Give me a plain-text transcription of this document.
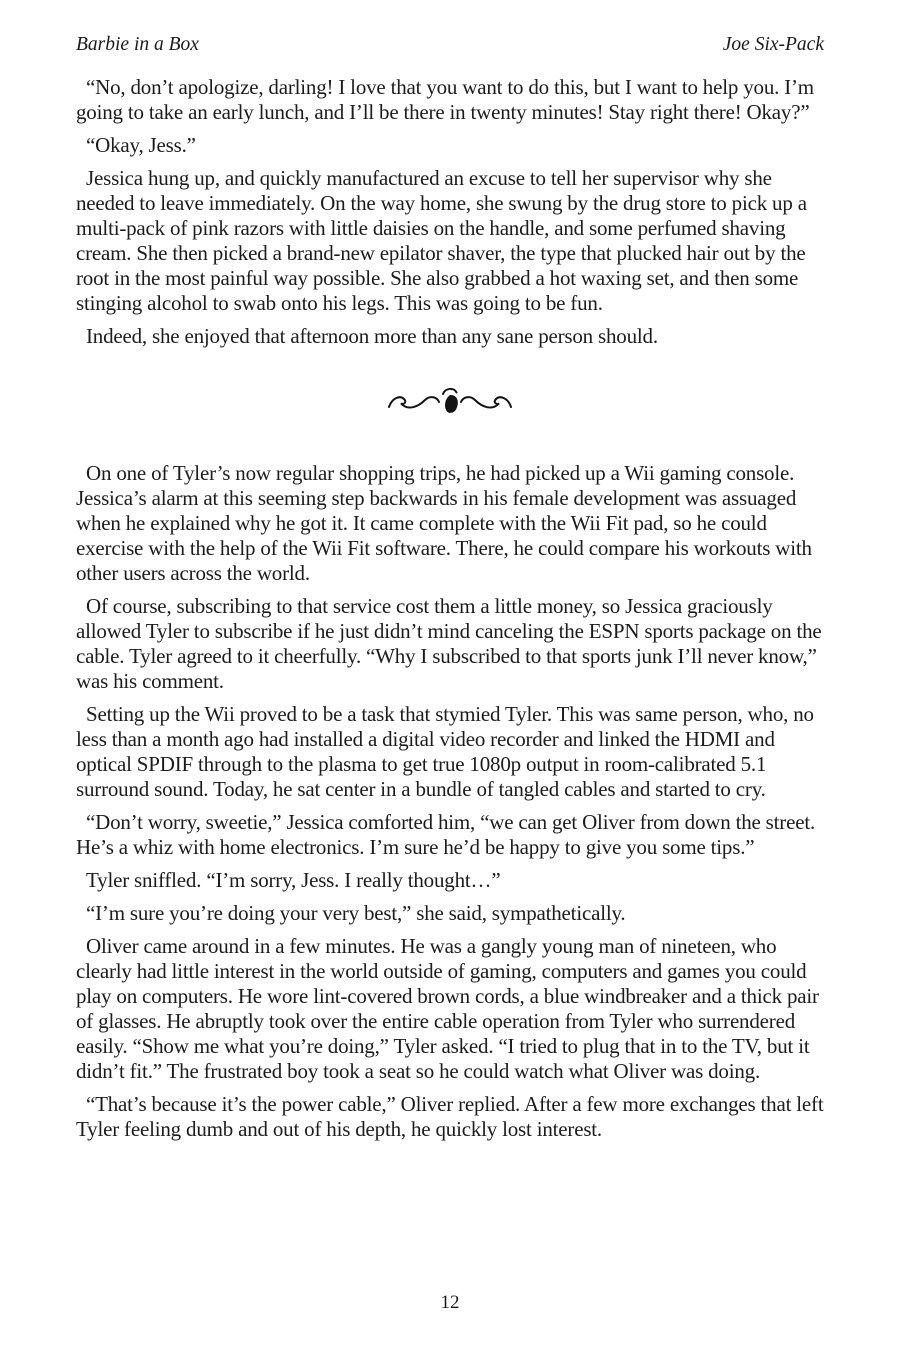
Barbie in a Box	Joe Six-Pack

“No, don’t apologize, darling! I love that you want to do this, but I want to help you. I’m going to take an early lunch, and I’ll be there in twenty minutes! Stay right there! Okay?”

“Okay, Jess.”

Jessica hung up, and quickly manufactured an excuse to tell her supervisor why she needed to leave immediately. On the way home, she swung by the drug store to pick up a multi-pack of pink razors with little daisies on the handle, and some perfumed shaving cream. She then picked a brand-new epilator shaver, the type that plucked hair out by the root in the most painful way possible. She also grabbed a hot waxing set, and then some stinging alcohol to swab onto his legs. This was going to be fun.

Indeed, she enjoyed that afternoon more than any sane person should.

On one of Tyler’s now regular shopping trips, he had picked up a Wii gaming console. Jessica’s alarm at this seeming step backwards in his female development was assuaged when he explained why he got it. It came complete with the Wii Fit pad, so he could exercise with the help of the Wii Fit software. There, he could compare his workouts with other users across the world.

Of course, subscribing to that service cost them a little money, so Jessica graciously allowed Tyler to subscribe if he just didn’t mind canceling the ESPN sports package on the cable. Tyler agreed to it cheerfully. “Why I subscribed to that sports junk I’ll never know,” was his comment.

Setting up the Wii proved to be a task that stymied Tyler. This was same person, who, no less than a month ago had installed a digital video recorder and linked the HDMI and optical SPDIF through to the plasma to get true 1080p output in room-calibrated 5.1 surround sound. Today, he sat center in a bundle of tangled cables and started to cry.

“Don’t worry, sweetie,” Jessica comforted him, “we can get Oliver from down the street. He’s a whiz with home electronics. I’m sure he’d be happy to give you some tips.”

Tyler sniffled. “I’m sorry, Jess. I really thought…”

“I’m sure you’re doing your very best,” she said, sympathetically.

Oliver came around in a few minutes. He was a gangly young man of nineteen, who clearly had little interest in the world outside of gaming, computers and games you could play on computers. He wore lint-covered brown cords, a blue windbreaker and a thick pair of glasses. He abruptly took over the entire cable operation from Tyler who surrendered easily. “Show me what you’re doing,” Tyler asked. “I tried to plug that in to the TV, but it didn’t fit.” The frustrated boy took a seat so he could watch what Oliver was doing.

“That’s because it’s the power cable,” Oliver replied. After a few more exchanges that left Tyler feeling dumb and out of his depth, he quickly lost interest.

12
